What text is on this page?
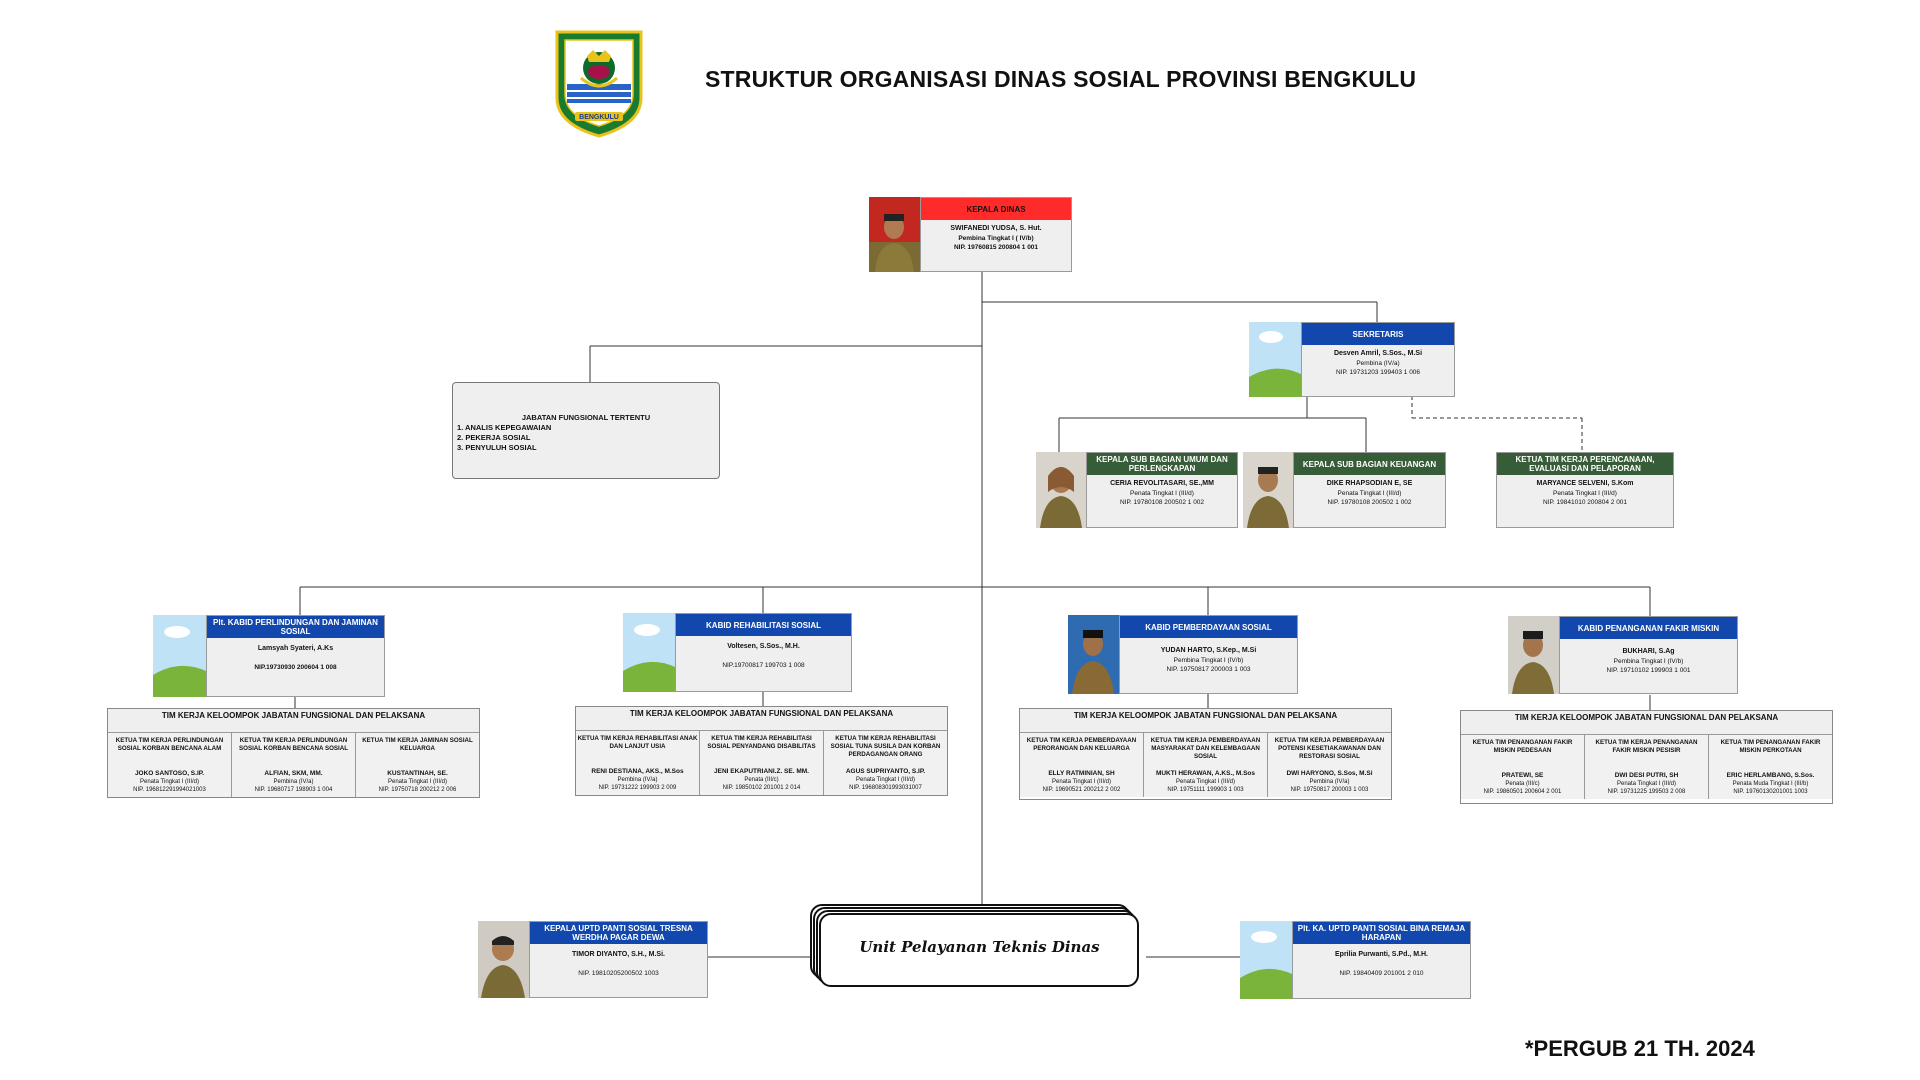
BENGKULU
STRUKTUR ORGANISASI DINAS SOSIAL PROVINSI BENGKULU
KEPALA DINAS
SWIFANEDI YUDSA, S. Hut.
Pembina Tingkat I ( IV/b)
NIP. 19760815 200804 1 001
SEKRETARIS
Desven Amril, S.Sos., M.Si
Pembina (IV/a)
NIP. 19731203 199403 1 006
JABATAN FUNGSIONAL TERTENTU
1. ANALIS KEPEGAWAIAN
2. PEKERJA SOSIAL
3. PENYULUH SOSIAL
KEPALA SUB BAGIAN UMUM DAN PERLENGKAPAN
CERIA REVOLITASARI, SE.,MM
Penata Tingkat I (III/d)
NIP. 19780108 200502 1 002
KEPALA SUB BAGIAN KEUANGAN
DIKE RHAPSODIAN E, SE
Penata Tingkat I (III/d)
NIP. 19780108 200502 1 002
KETUA TIM KERJA PERENCANAAN, EVALUASI DAN PELAPORAN
MARYANCE SELVENI, S.Kom
Penata Tingkat I (III/d)
NIP. 19841010 200804 2 001
Plt. KABID PERLINDUNGAN DAN JAMINAN SOSIAL
Lamsyah Syateri, A.Ks
NIP.19730930 200604 1 008
TIM KERJA KELOOMPOK JABATAN FUNGSIONAL DAN PELAKSANA
KETUA TIM KERJA PERLINDUNGAN SOSIAL KORBAN BENCANA ALAM
JOKO SANTOSO, S.IP.
Penata Tingkat I (III/d)
NIP. 196812291994021003
KETUA TIM KERJA PERLINDUNGAN SOSIAL KORBAN BENCANA SOSIAL
ALFIAN, SKM, MM.
Pembina (IV/a)
NIP. 19680717 198903 1 004
KETUA TIM KERJA JAMINAN SOSIAL KELUARGA
KUSTANTINAH, SE.
Penata Tingkat I (III/d)
NIP. 19750718 200212 2 006
KABID REHABILITASI SOSIAL
Voltesen, S.Sos., M.H.
NIP.19700817 199703 1 008
TIM KERJA KELOOMPOK JABATAN FUNGSIONAL DAN PELAKSANA
KETUA TIM KERJA REHABILITASI ANAK DAN LANJUT USIA
RENI DESTIANA, AKS., M.Sos
Pembina (IV/a)
NIP. 19731222 199903 2 009
KETUA TIM KERJA REHABILITASI SOSIAL PENYANDANG DISABILITAS
JENI EKAPUTRIANI.Z. SE. MM.
Penata (III/c)
NIP. 19850102 201001 2 014
KETUA TIM KERJA REHABILITASI SOSIAL TUNA SUSILA DAN KORBAN PERDAGANGAN ORANG
AGUS SUPRIYANTO, S.IP.
Penata Tingkat I (III/d)
NIP. 196808301993031007
KABID PEMBERDAYAAN SOSIAL
YUDAN HARTO, S.Kep., M.Si
Pembina Tingkat I (IV/b)
NIP. 19750817 200003 1 003
TIM KERJA KELOOMPOK JABATAN FUNGSIONAL DAN PELAKSANA
KETUA TIM KERJA PEMBERDAYAAN PERORANGAN DAN KELUARGA
ELLY RATMINIAN, SH
Penata Tingkat I (III/d)
NIP. 19690521 200212 2 002
KETUA TIM KERJA PEMBERDAYAAN MASYARAKAT DAN KELEMBAGAAN SOSIAL
MUKTI HERAWAN, A.KS., M.Sos
Penata Tingkat I (III/d)
NIP. 19751111 199903 1 003
KETUA TIM KERJA PEMBERDAYAAN POTENSI KESETIAKAWANAN DAN RESTORASI SOSIAL
DWI HARYONO, S.Sos, M.Si
Pembina (IV/a)
NIP. 19750817 200003 1 003
KABID PENANGANAN FAKIR MISKIN
BUKHARI, S.Ag
Pembina Tingkat I (IV/b)
NIP. 19710102 199903 1 001
TIM KERJA KELOOMPOK JABATAN FUNGSIONAL DAN PELAKSANA
KETUA TIM PENANGANAN FAKIR MISKIN PEDESAAN
PRATEWI, SE
Penata (III/c)
NIP. 19860501 200604 2 001
KETUA TIM KERJA PENANGANAN FAKIR MISKIN PESISIR
DWI DESI PUTRI, SH
Penata Tingkat I (III/d)
NIP. 19731225 199503 2 008
KETUA TIM PENANGANAN FAKIR MISKIN PERKOTAAN
ERIC HERLAMBANG, S.Sos.
Penata Muda Tingkat I (III/b)
NIP. 19760130201001 1003
Unit Pelayanan Teknis Dinas
KEPALA UPTD PANTI SOSIAL TRESNA WERDHA PAGAR DEWA
TIMOR DIYANTO, S.H., M.Si.
NIP. 19810205200502 1003
Plt. KA. UPTD PANTI SOSIAL BINA REMAJA HARAPAN
Eprilia Purwanti, S.Pd., M.H.
NIP. 19840409 201001 2 010
*PERGUB 21 TH. 2024
